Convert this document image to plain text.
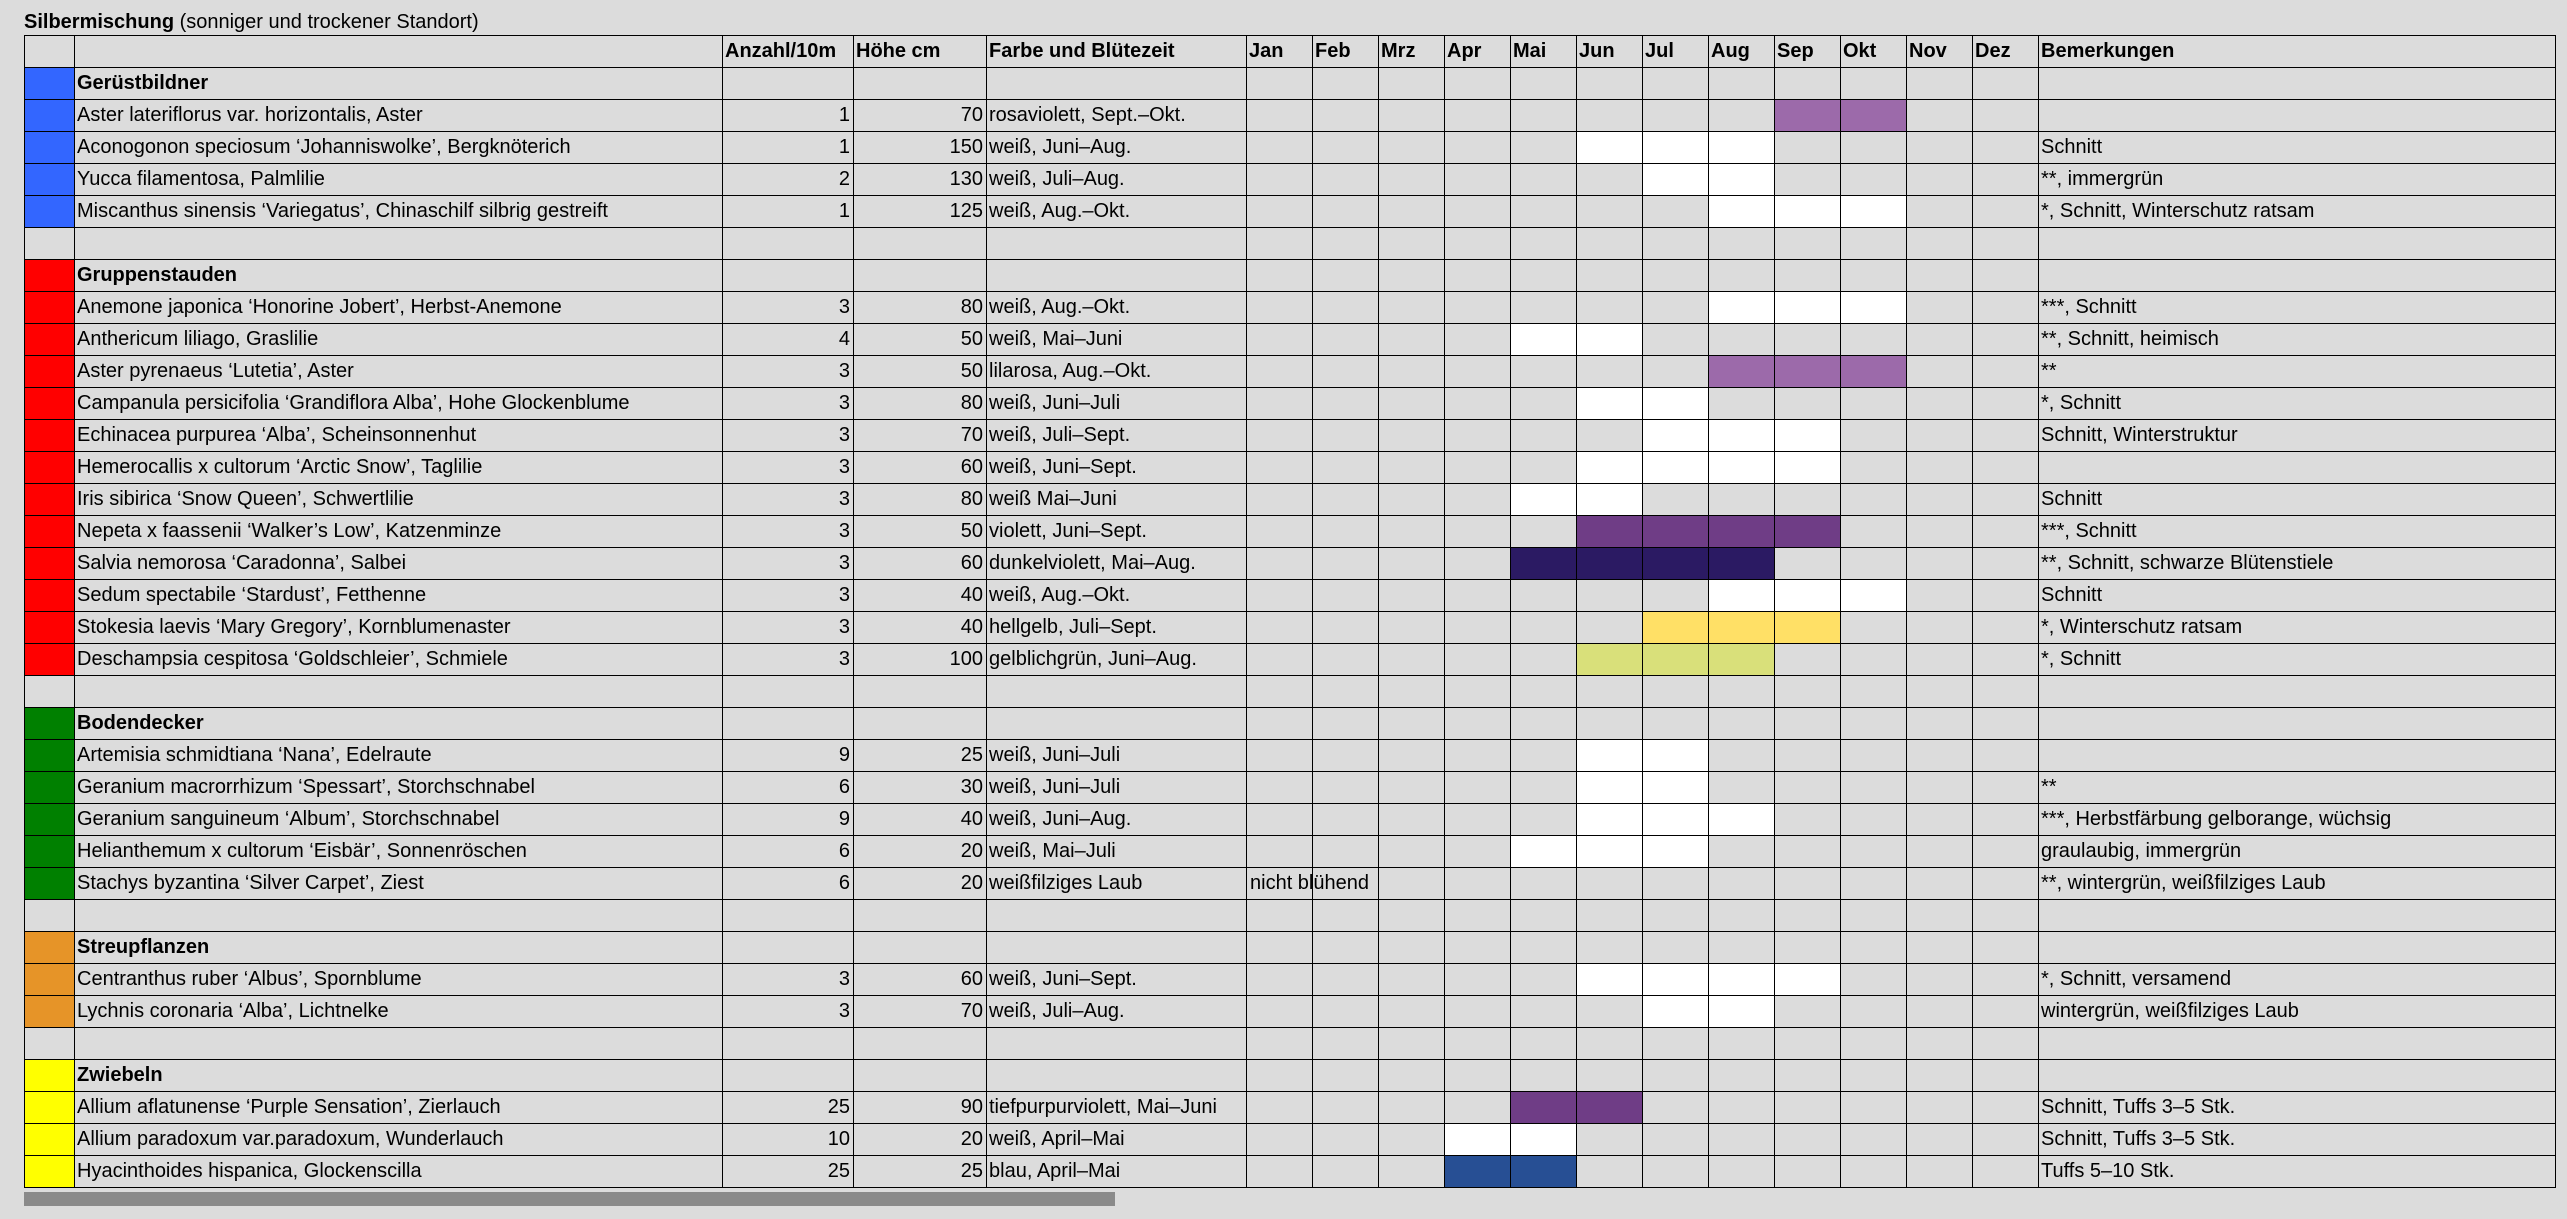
Silbermischung (sonniger und trockener Standort)
		Anzahl/10m	Höhe cm	Farbe und Blütezeit	Jan	Feb	Mrz	Apr	Mai	Jun	Jul	Aug	Sep	Okt	Nov	Dez	Bemerkungen
	Gerüstbildner																
	Aster lateriflorus var. horizontalis, Aster	1	70	rosaviolett, Sept.–Okt.													
	Aconogonon speciosum ‘Johanniswolke’, Bergknöterich	1	150	weiß, Juni–Aug.													Schnitt
	Yucca filamentosa, Palmlilie	2	130	weiß, Juli–Aug.													**, immergrün
	Miscanthus sinensis ‘Variegatus’, Chinaschilf silbrig gestreift	1	125	weiß, Aug.–Okt.													*, Schnitt, Winterschutz ratsam

	Gruppenstauden																
	Anemone japonica ‘Honorine Jobert’, Herbst-Anemone	3	80	weiß, Aug.–Okt.													***, Schnitt
	Anthericum liliago, Graslilie	4	50	weiß, Mai–Juni													**, Schnitt, heimisch
	Aster pyrenaeus ‘Lutetia’, Aster	3	50	lilarosa, Aug.–Okt.													**
	Campanula persicifolia ‘Grandiflora Alba’, Hohe Glockenblume	3	80	weiß, Juni–Juli													*, Schnitt
	Echinacea purpurea ‘Alba’, Scheinsonnenhut	3	70	weiß, Juli–Sept.													Schnitt, Winterstruktur
	Hemerocallis x cultorum ‘Arctic Snow’, Taglilie	3	60	weiß, Juni–Sept.													
	Iris sibirica ‘Snow Queen’, Schwertlilie	3	80	weiß Mai–Juni													Schnitt
	Nepeta x faassenii ‘Walker’s Low’, Katzenminze	3	50	violett, Juni–Sept.													***, Schnitt
	Salvia nemorosa ‘Caradonna’, Salbei	3	60	dunkelviolett, Mai–Aug.													**, Schnitt, schwarze Blütenstiele
	Sedum spectabile ‘Stardust’, Fetthenne	3	40	weiß, Aug.–Okt.													Schnitt
	Stokesia laevis ‘Mary Gregory’, Kornblumenaster	3	40	hellgelb, Juli–Sept.													*, Winterschutz ratsam
	Deschampsia cespitosa ‘Goldschleier’, Schmiele	3	100	gelblichgrün, Juni–Aug.													*, Schnitt

	Bodendecker																
	Artemisia schmidtiana ‘Nana’, Edelraute	9	25	weiß, Juni–Juli													
	Geranium macrorrhizum ‘Spessart’, Storchschnabel	6	30	weiß, Juni–Juli													**
	Geranium sanguineum ‘Album’, Storchschnabel	9	40	weiß, Juni–Aug.													***, Herbstfärbung gelborange, wüchsig
	Helianthemum x cultorum ‘Eisbär’, Sonnenröschen	6	20	weiß, Mai–Juli													graulaubig, immergrün
	Stachys byzantina ‘Silver Carpet’, Ziest	6	20	weißfilziges Laub	nicht blühend												**, wintergrün, weißfilziges Laub

	Streupflanzen																
	Centranthus ruber ‘Albus’, Spornblume	3	60	weiß, Juni–Sept.													*, Schnitt, versamend
	Lychnis coronaria ‘Alba’, Lichtnelke	3	70	weiß, Juli–Aug.													wintergrün, weißfilziges Laub

	Zwiebeln																
	Allium aflatunense ‘Purple Sensation’, Zierlauch	25	90	tiefpurpurviolett, Mai–Juni													Schnitt, Tuffs 3–5 Stk.
	Allium paradoxum var.paradoxum, Wunderlauch	10	20	weiß, April–Mai													Schnitt, Tuffs 3–5 Stk.
	Hyacinthoides hispanica, Glockenscilla	25	25	blau, April–Mai													Tuffs 5–10 Stk.
